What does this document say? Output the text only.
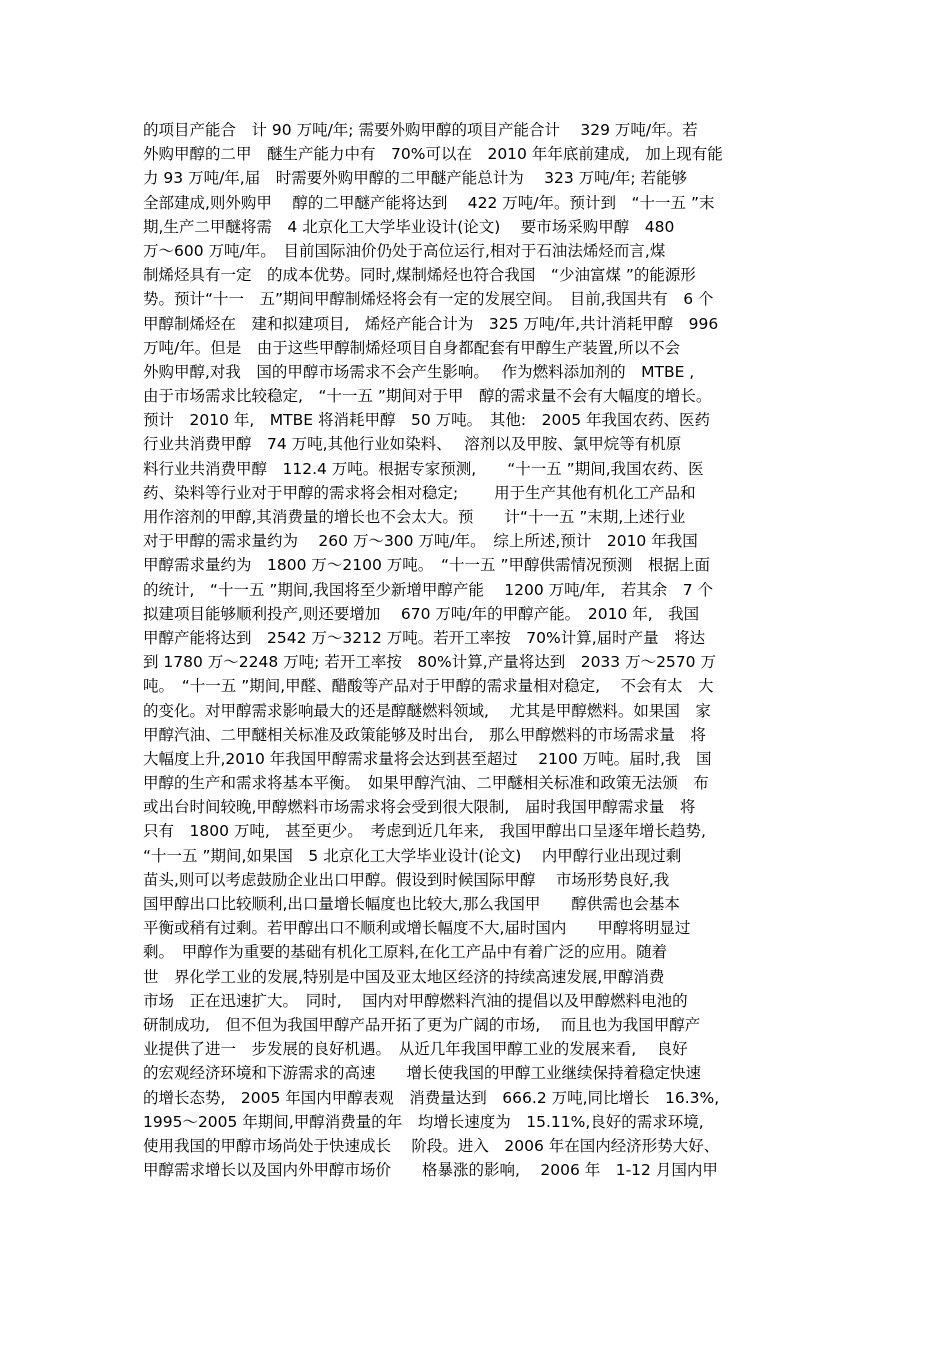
的项目产能合　计 90 万吨/年; 需要外购甲醇的项目产能合计　 329 万吨/年。若
外购甲醇的二甲　醚生产能力中有　70%可以在　2010 年年底前建成,　加上现有能
力 93 万吨/年,届　时需要外购甲醇的二甲醚产能总计为　 323 万吨/年; 若能够
全部建成,则外购甲　 醇的二甲醚产能将达到　 422 万吨/年。预计到　“十一五 ”末
期,生产二甲醚将需　4 北京化工大学毕业设计(论文)　 要市场采购甲醇　480
万～600 万吨/年。　目前国际油价仍处于高位运行,相对于石油法烯烃而言,煤
制烯烃具有一定　的成本优势。同时,煤制烯烃也符合我国　“少油富煤 ”的能源形
势。预计“十一　五”期间甲醇制烯烃将会有一定的发展空间。　目前,我国共有　6 个
甲醇制烯烃在　建和拟建项目,　烯烃产能合计为　325 万吨/年,共计消耗甲醇　996
万吨/年。但是　由于这些甲醇制烯烃项目自身都配套有甲醇生产装置,所以不会
外购甲醇,对我　国的甲醇市场需求不会产生影响。　 作为燃料添加剂的　MTBE ,
由于市场需求比较稳定,　“十一五 ”期间对于甲　醇的需求量不会有大幅度的增长。
预计　2010 年,　MTBE 将消耗甲醇　50 万吨。　其他:　2005 年我国农药、医药
行业共消费甲醇　74 万吨,其他行业如染料、　 溶剂以及甲胺、氯甲烷等有机原
料行业共消费甲醇　112.4 万吨。根据专家预测,　　“十一五 ”期间,我国农药、医
药、染料等行业对于甲醇的需求将会相对稳定;　　 用于生产其他有机化工产品和
用作溶剂的甲醇,其消费量的增长也不会太大。预　　计“十一五 ”末期,上述行业
对于甲醇的需求量约为　 260 万～300 万吨/年。　综上所述,预计　2010 年我国
甲醇需求量约为　1800 万～2100 万吨。　“十一五 ”甲醇供需情况预测　根据上面
的统计,　“十一五 ”期间,我国将至少新增甲醇产能　 1200 万吨/年,　若其余　7 个
拟建项目能够顺利投产,则还要增加　 670 万吨/年的甲醇产能。　2010 年,　我国
甲醇产能将达到　2542 万～3212 万吨。若开工率按　70%计算,届时产量　将达
到 1780 万～2248 万吨; 若开工率按　80%计算,产量将达到　2033 万～2570 万
吨。　“十一五 ”期间,甲醛、醋酸等产品对于甲醇的需求量相对稳定,　 不会有太　大
的变化。对甲醇需求影响最大的还是醇醚燃料领域,　 尤其是甲醇燃料。如果国　家
甲醇汽油、二甲醚相关标准及政策能够及时出台,　那么甲醇燃料的市场需求量　将
大幅度上升,2010 年我国甲醇需求量将会达到甚至超过　 2100 万吨。届时,我　国
甲醇的生产和需求将基本平衡。　如果甲醇汽油、二甲醚相关标准和政策无法颁　布
或出台时间较晚,甲醇燃料市场需求将会受到很大限制,　届时我国甲醇需求量　将
只有　1800 万吨,　甚至更少。　考虑到近几年来,　我国甲醇出口呈逐年增长趋势,
“十一五 ”期间,如果国　5 北京化工大学毕业设计(论文)　 内甲醇行业出现过剩
苗头,则可以考虑鼓励企业出口甲醇。假设到时候国际甲醇　 市场形势良好,我
国甲醇出口比较顺利,出口量增长幅度也比较大,那么我国甲　　醇供需也会基本
平衡或稍有过剩。若甲醇出口不顺利或增长幅度不大,届时国内　　甲醇将明显过
剩。　甲醇作为重要的基础有机化工原料,在化工产品中有着广泛的应用。随着
世　界化学工业的发展,特别是中国及亚太地区经济的持续高速发展,甲醇消费
市场　正在迅速扩大。　同时,　 国内对甲醇燃料汽油的提倡以及甲醇燃料电池的
研制成功,　但不但为我国甲醇产品开拓了更为广阔的市场,　 而且也为我国甲醇产
业提供了进一　步发展的良好机遇。　从近几年我国甲醇工业的发展来看,　 良好
的宏观经济环境和下游需求的高速　　增长使我国的甲醇工业继续保持着稳定快速
的增长态势,　2005 年国内甲醇表观　消费量达到　666.2 万吨,同比增长　16.3%,
1995～2005 年期间,甲醇消费量的年　均增长速度为　15.11%,良好的需求环境,
使用我国的甲醇市场尚处于快速成长　 阶段。进入　2006 年在国内经济形势大好、
甲醇需求增长以及国内外甲醇市场价　　格暴涨的影响,　 2006 年　1-12 月国内甲
